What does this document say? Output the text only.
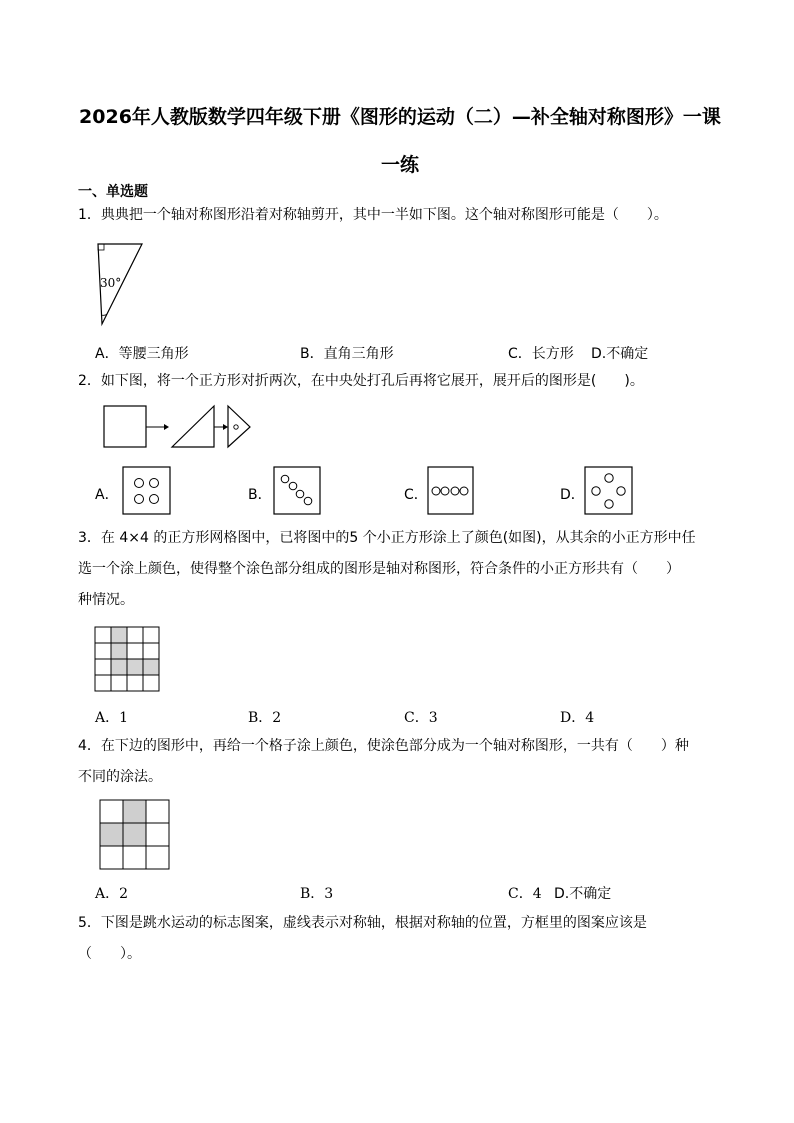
2026年人教版数学四年级下册《图形的运动（二）—补全轴对称图形》一课一练
一、单选题
1．典典把一个轴对称图形沿着对称轴剪开，其中一半如下图。这个轴对称图形可能是（　　）。
30°
A．等腰三角形	B．直角三角形	C．长方形 D.不确定
2．如下图，将一个正方形对折两次，在中央处打孔后再将它展开，展开后的图形是(　　)。
A．	B．	C．	D．
3．在 4×4 的正方形网格图中，已将图中的5 个小正方形涂上了颜色(如图)，从其余的小正方形中任
选一个涂上颜色，使得整个涂色部分组成的图形是轴对称图形，符合条件的小正方形共有（　　）
种情况。
A．1	B．2	C．3	D．4
4．在下边的图形中，再给一个格子涂上颜色，使涂色部分成为一个轴对称图形，一共有（　　）种
不同的涂法。
A．2	B．3	C．4 D.不确定
5．下图是跳水运动的标志图案，虚线表示对称轴，根据对称轴的位置，方框里的图案应该是
（　　）。
